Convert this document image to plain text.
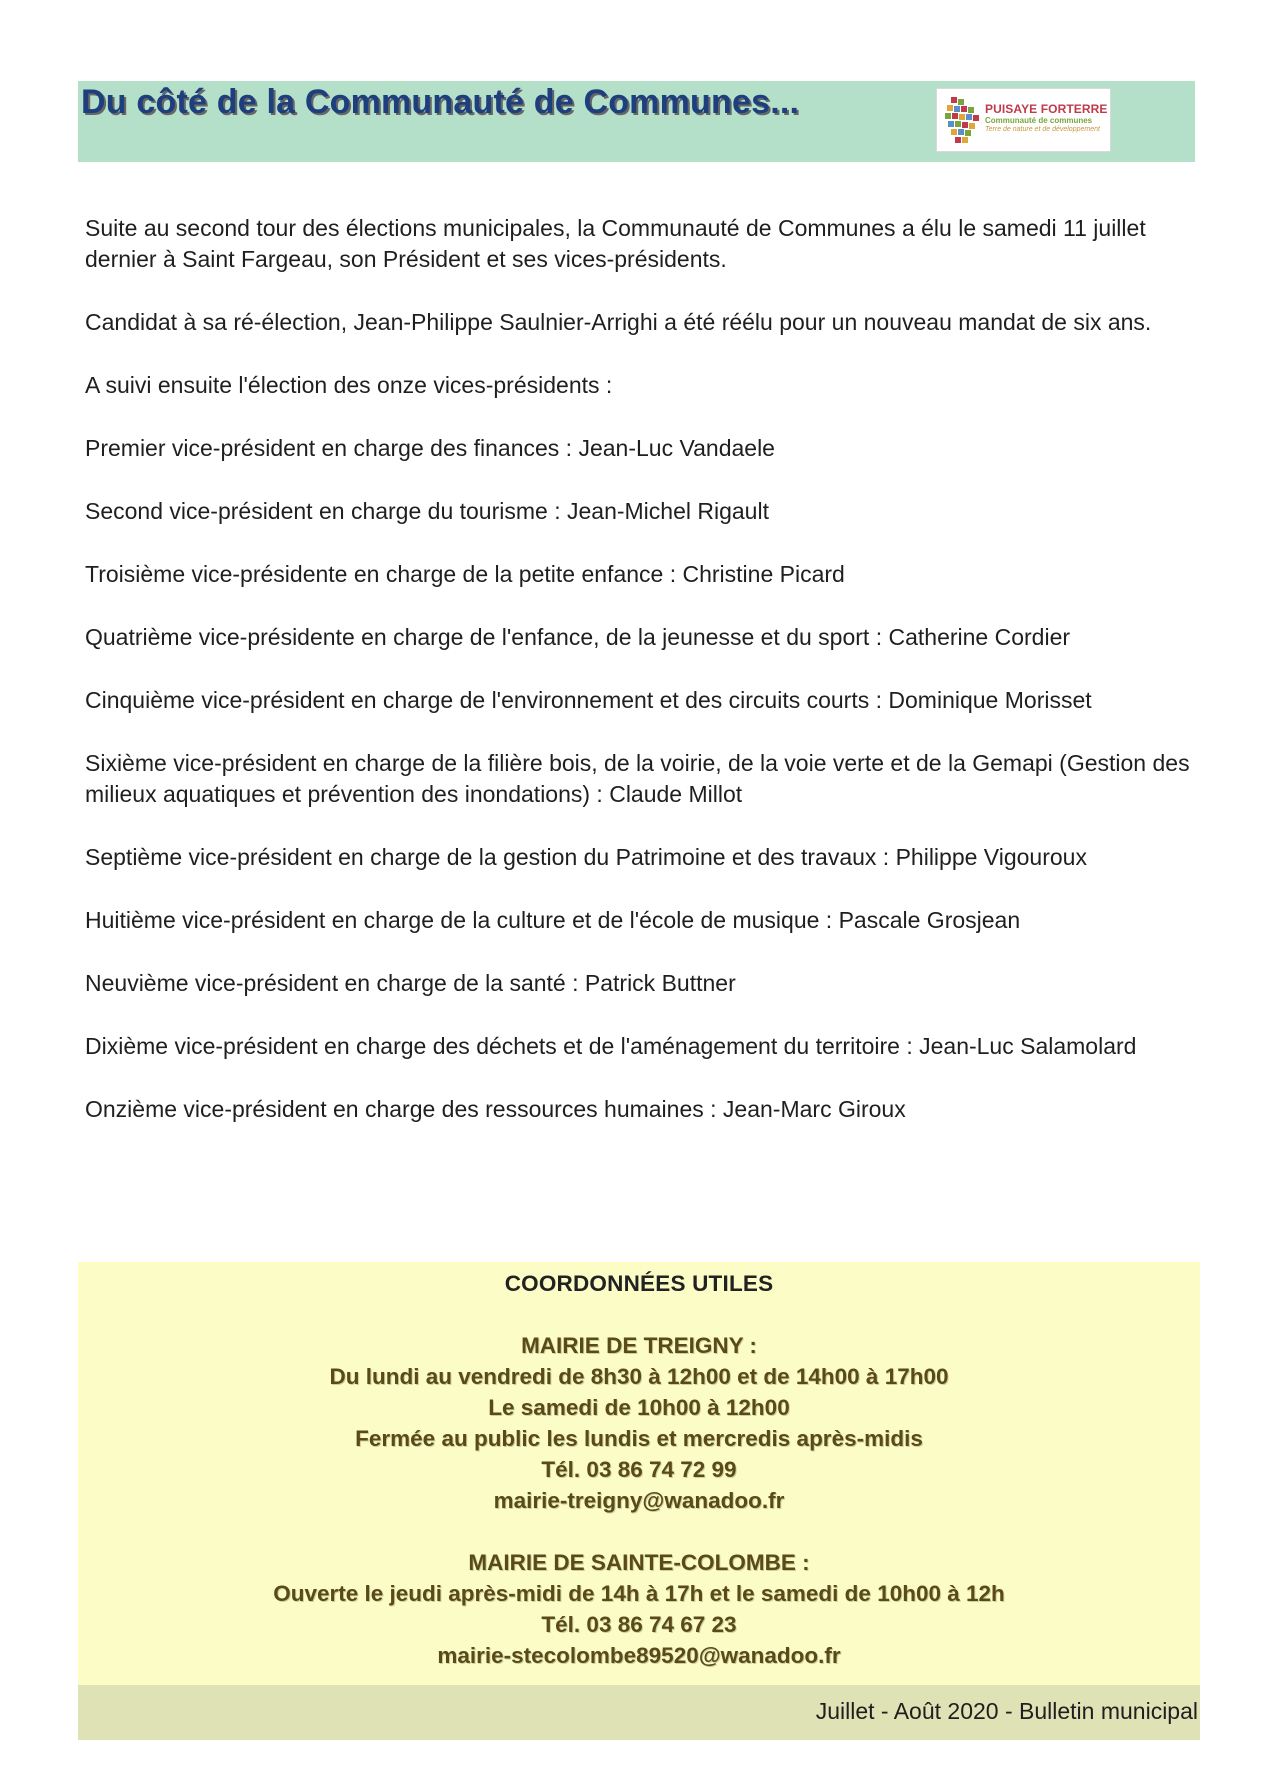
Du côté de la Communauté de Communes...	PUISAYE FORTERRE
Communauté de communes
Terre de nature et de développement

Suite au second tour des élections municipales, la Communauté de Communes a élu le samedi 11 juillet dernier à Saint Fargeau, son Président et ses vices-présidents.

Candidat à sa ré-élection, Jean-Philippe Saulnier-Arrighi a été réélu pour un nouveau mandat de six ans.

A suivi ensuite l'élection des onze vices-présidents :

Premier vice-président en charge des finances : Jean-Luc Vandaele

Second vice-président en charge du tourisme : Jean-Michel Rigault

Troisième vice-présidente en charge de la petite enfance : Christine Picard

Quatrième vice-présidente en charge de l'enfance, de la jeunesse et du sport : Catherine Cordier

Cinquième vice-président en charge de l'environnement et des circuits courts : Dominique Morisset

Sixième vice-président en charge de la filière bois, de la voirie, de la voie verte et de la Gemapi (Gestion des milieux aquatiques et prévention des inondations) : Claude Millot

Septième vice-président en charge de la gestion du Patrimoine et des travaux : Philippe Vigouroux

Huitième vice-président en charge de la culture et de l'école de musique : Pascale Grosjean

Neuvième vice-président en charge de la santé : Patrick Buttner

Dixième vice-président en charge des déchets et de l'aménagement du territoire : Jean-Luc Salamolard

Onzième vice-président en charge des ressources humaines : Jean-Marc Giroux

COORDONNÉES UTILES
MAIRIE DE TREIGNY :
Du lundi au vendredi de 8h30 à 12h00 et de 14h00 à 17h00
Le samedi de 10h00 à 12h00
Fermée au public les lundis et mercredis après-midis
Tél. 03 86 74 72 99
mairie-treigny@wanadoo.fr
MAIRIE DE SAINTE-COLOMBE :
Ouverte le jeudi après-midi de 14h à 17h et le samedi de 10h00 à 12h
Tél. 03 86 74 67 23
mairie-stecolombe89520@wanadoo.fr
Juillet - Août 2020 - Bulletin municipal
